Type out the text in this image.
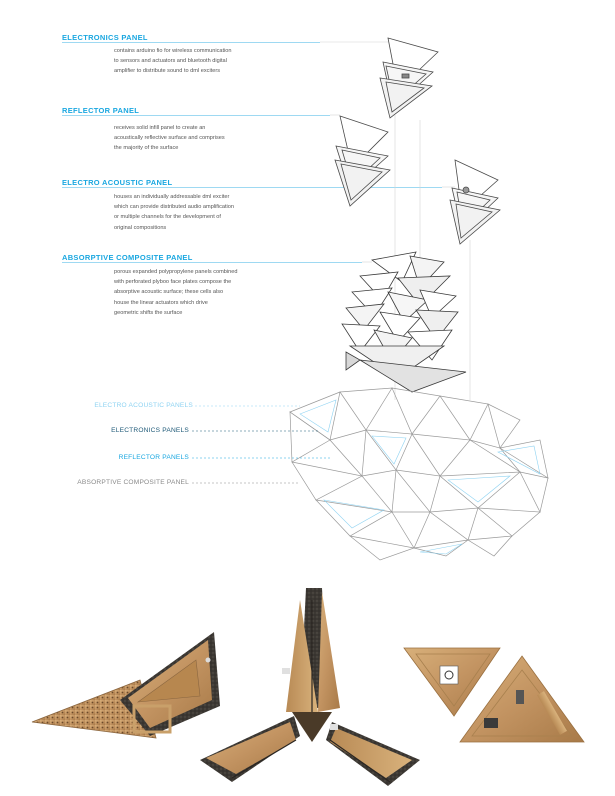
ELECTRONICS PANEL
contains arduino fio for wireless communication
to sensors and actuators and bluetooth digital
amplifier to distribute sound to dml exciters
REFLECTOR PANEL
receives solid infill panel to create an
acoustically reflective surface and comprises
the majority of the surface
ELECTRO ACOUSTIC PANEL
houses an individually addressable dml exciter
which can provide distributed audio amplification
or multiple channels for the development of
original compositions
ABSORPTIVE COMPOSITE PANEL
porous expanded polypropylene panels combined
with perforated plyboo face plates compose the
absorptive acoustic surface; these cells also
house the linear actuators which drive
geometric shifts the surface
ELECTRO ACOUSTIC PANELS
ELECTRONICS PANELS
REFLECTOR PANELS
ABSORPTIVE COMPOSITE PANEL
